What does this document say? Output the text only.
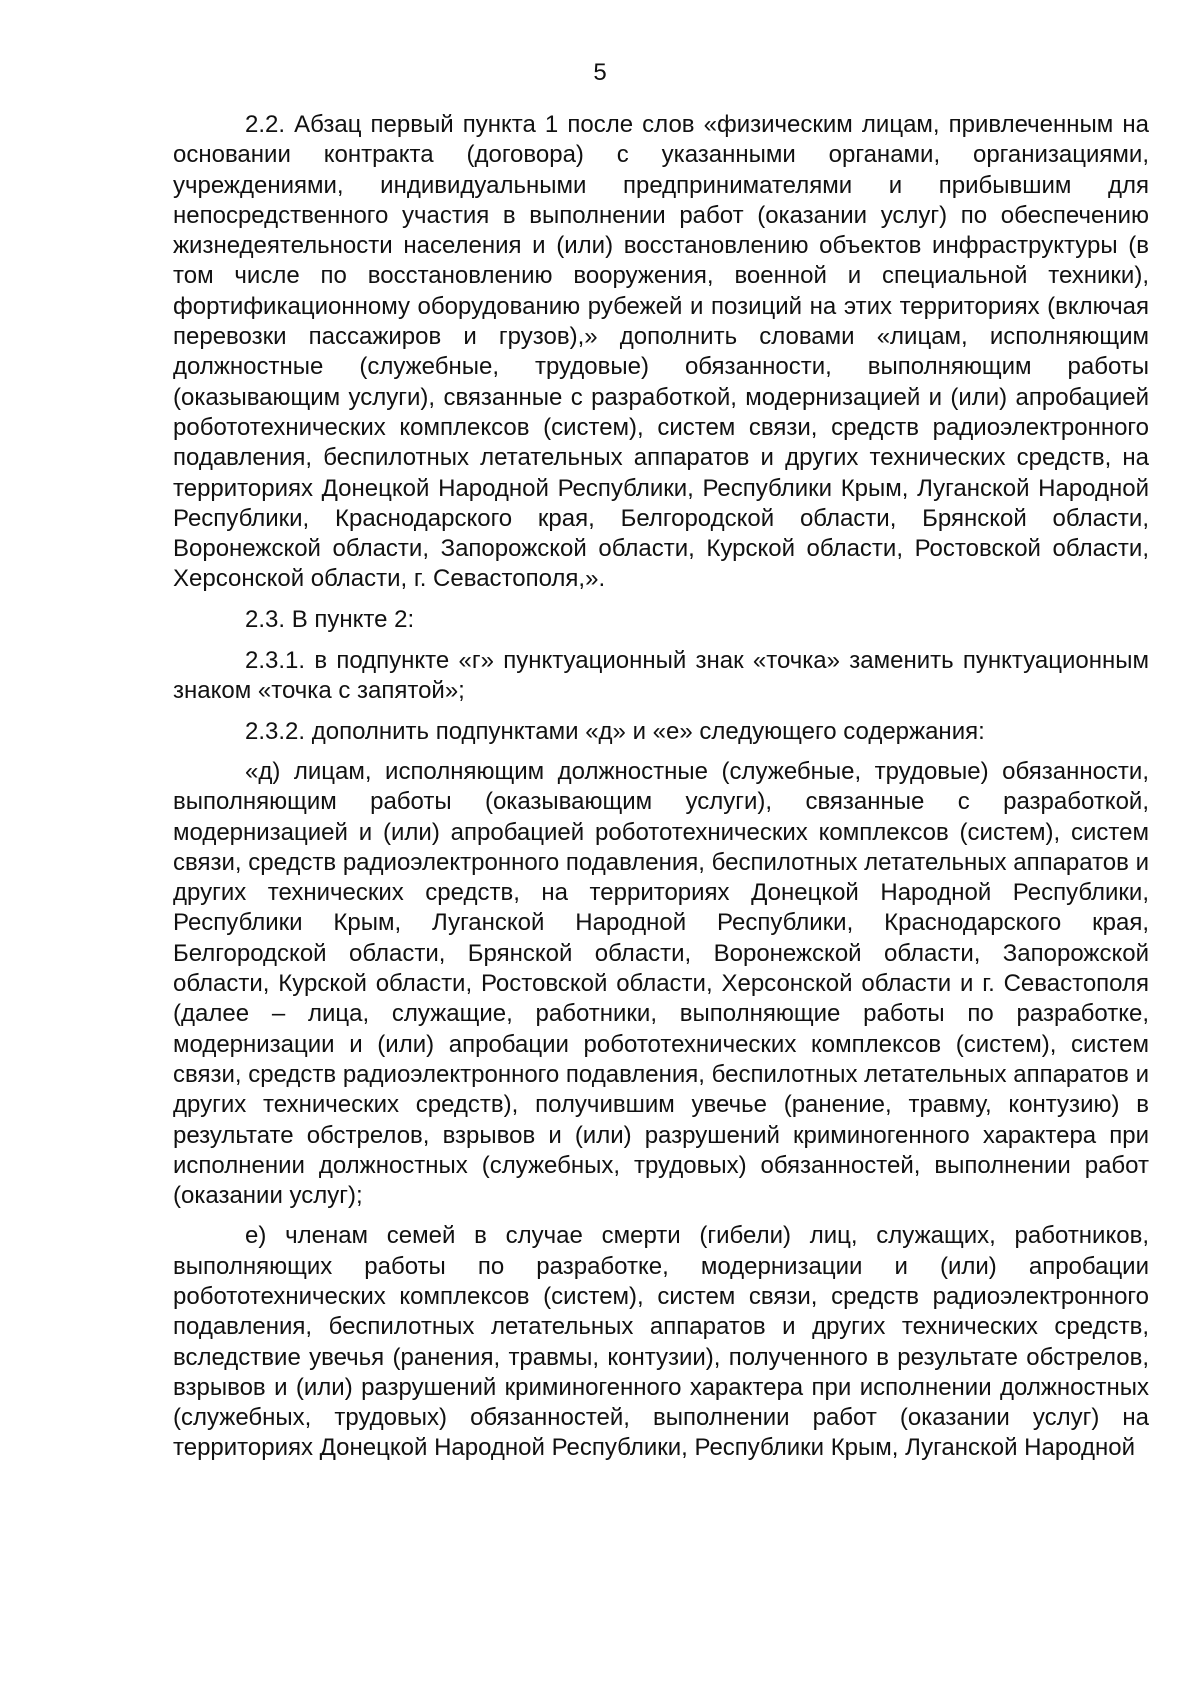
5

2.2. Абзац первый пункта 1 после слов «физическим лицам, привлеченным на основании контракта (договора) с указанными органами, организациями, учреждениями, индивидуальными предпринимателями и прибывшим для непосредственного участия в выполнении работ (оказании услуг) по обеспечению жизнедеятельности населения и (или) восстановлению объектов инфраструктуры (в том числе по восстановлению вооружения, военной и специальной техники), фортификационному оборудованию рубежей и позиций на этих территориях (включая перевозки пассажиров и грузов),» дополнить словами «лицам, исполняющим должностные (служебные, трудовые) обязанности, выполняющим работы (оказывающим услуги), связанные с разработкой, модернизацией и (или) апробацией робототехнических комплексов (систем), систем связи, средств радиоэлектронного подавления, беспилотных летательных аппаратов и других технических средств, на территориях Донецкой Народной Республики, Республики Крым, Луганской Народной Республики, Краснодарского края, Белгородской области, Брянской области, Воронежской области, Запорожской области, Курской области, Ростовской области, Херсонской области, г. Севастополя,».

2.3. В пункте 2:

2.3.1. в подпункте «г» пунктуационный знак «точка» заменить пунктуационным знаком «точка с запятой»;

2.3.2. дополнить подпунктами «д» и «е» следующего содержания:

«д) лицам, исполняющим должностные (служебные, трудовые) обязанности, выполняющим работы (оказывающим услуги), связанные с разработкой, модернизацией и (или) апробацией робототехнических комплексов (систем), систем связи, средств радиоэлектронного подавления, беспилотных летательных аппаратов и других технических средств, на территориях Донецкой Народной Республики, Республики Крым, Луганской Народной Республики, Краснодарского края, Белгородской области, Брянской области, Воронежской области, Запорожской области, Курской области, Ростовской области, Херсонской области и г. Севастополя (далее – лица, служащие, работники, выполняющие работы по разработке, модернизации и (или) апробации робототехнических комплексов (систем), систем связи, средств радиоэлектронного подавления, беспилотных летательных аппаратов и других технических средств), получившим увечье (ранение, травму, контузию) в результате обстрелов, взрывов и (или) разрушений криминогенного характера при исполнении должностных (служебных, трудовых) обязанностей, выполнении работ (оказании услуг);

е) членам семей в случае смерти (гибели) лиц, служащих, работников, выполняющих работы по разработке, модернизации и (или) апробации робототехнических комплексов (систем), систем связи, средств радиоэлектронного подавления, беспилотных летательных аппаратов и других технических средств, вследствие увечья (ранения, травмы, контузии), полученного в результате обстрелов, взрывов и (или) разрушений криминогенного характера при исполнении должностных (служебных, трудовых) обязанностей, выполнении работ (оказании услуг) на территориях Донецкой Народной Республики, Республики Крым, Луганской Народной
